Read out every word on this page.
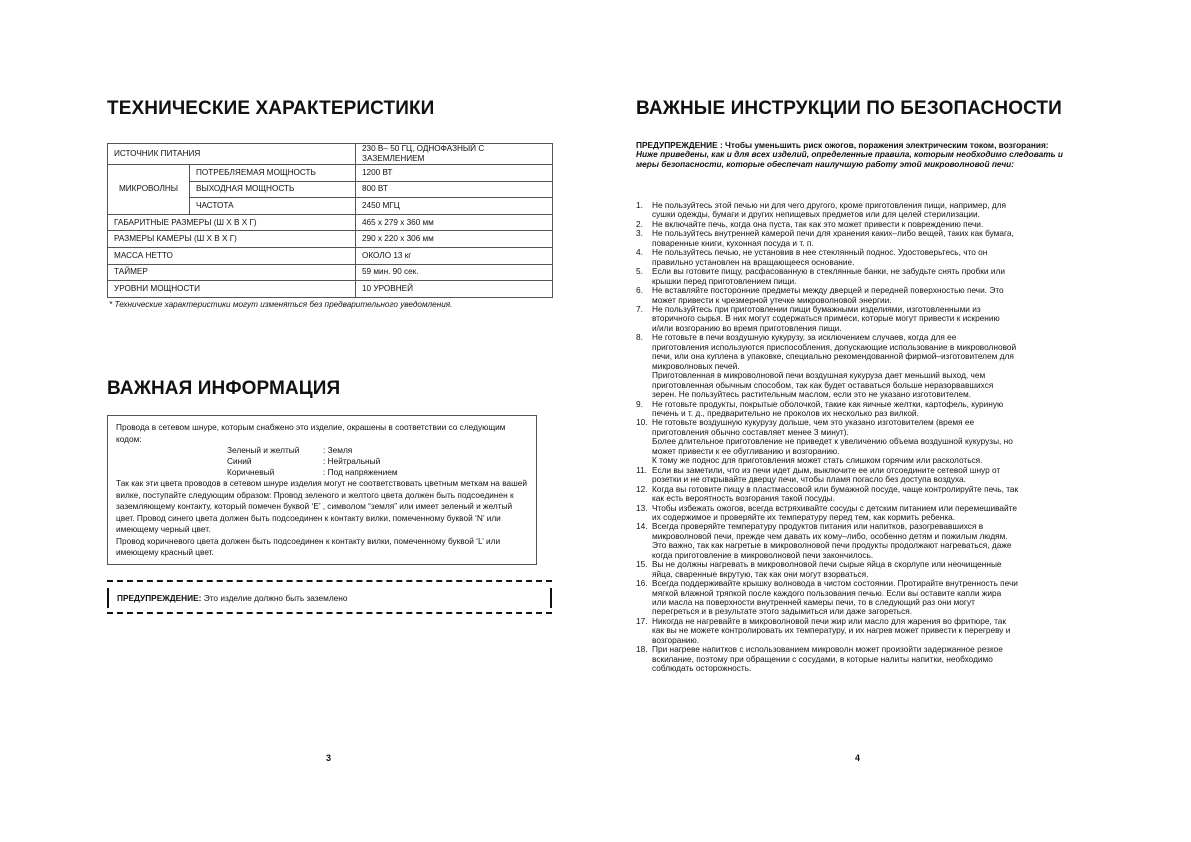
ТЕХНИЧЕСКИЕ ХАРАКТЕРИСТИКИ
ИСТОЧНИК ПИТАНИЯ		230 В– 50 ГЦ, ОДНОФАЗНЫЙ С ЗАЗЕМЛЕНИЕМ
МИКРОВОЛНЫ	ПОТРЕБЛЯЕМАЯ МОЩНОСТЬ	1200 ВТ
	ВЫХОДНАЯ МОЩНОСТЬ	800 ВТ
	ЧАСТОТА	2450 МГЦ
ГАБАРИТНЫЕ РАЗМЕРЫ (Ш X В X Г)		465 x 279 x 360 мм
РАЗМЕРЫ КАМЕРЫ (Ш X В X Г)		290 x 220 x 306 мм
МАССА НЕТТО		ОКОЛО 13 кг
ТАЙМЕР		59 мин. 90 сек.
УРОВНИ МОЩНОСТИ		10 УРОВНЕЙ
* Технические характеристики могут изменяться без предварительного уведомления.
ВАЖНАЯ ИНФОРМАЦИЯ

Провода в сетевом шнуре, которым снабжено это изделие, окрашены в соответствии со следующим кодом:

Зеленый и желтый	: Земля
Синий	: Нейтральный
Коричневый	: Под напряжением

Так как эти цвета проводов в сетевом шнуре изделия могут не соответствовать цветным меткам на вашей вилке, поступайте следующим образом: Провод зеленого и желтого цвета должен быть подсоединен к заземляющему контакту, который помечен буквой ‘E’ , символом “земля” или имеет зеленый и желтый цвет. Провод синего цвета должен быть подсоединен к контакту вилки, помеченному буквой ‘N’ или имеющему черный цвет.

Провод коричневого цвета должен быть подсоединен к контакту вилки, помеченному буквой ‘L’ или имеющему красный цвет.

ПРЕДУПРЕЖДЕНИЕ: Это изделие должно быть заземлено
3
ВАЖНЫЕ ИНСТРУКЦИИ ПО БЕЗОПАСНОСТИ

ПРЕДУПРЕЖДЕНИЕ : Чтобы уменьшить риск ожогов, поражения электрическим током, возгорания:

Ниже приведены, как и для всех изделий, определенные правила, которым необходимо следовать и меры безопасности, которые обеспечат наилучшую работу этой микроволновой печи:

1.	Не пользуйтесь этой печью ни для чего другого, кроме приготовления пищи, например, для
сушки одежды, бумаги и других непищевых предметов или для целей стерилизации.
2.	Не включайте печь, когда она пуста, так как это может привести к повреждению печи.
3.	Не пользуйтесь внутренней камерой печи для хранения каких–либо вещей, таких как бумага,
поваренные книги, кухонная посуда и т. п.
4.	Не пользуйтесь печью, не установив в нее стеклянный поднос. Удостоверьтесь, что он
правильно установлен на вращающееся основание.
5.	Если вы готовите пищу, расфасованную в стеклянные банки, не забудьте снять пробки или
крышки перед приготовлением пищи.
6.	Не вставляйте посторонние предметы между дверцей и передней поверхностью печи. Это
может привести к чрезмерной утечке микроволновой энергии.
7.	Не пользуйтесь при приготовлении пищи бумажными изделиями, изготовленными из
вторичного сырья. В них могут содержаться примеси, которые могут привести к искрению
и/или возгоранию во время приготовления пищи.
8.	Не готовьте в печи воздушную кукурузу, за исключением случаев, когда для ее
приготовления используются приспособления, допускающие использование в микроволновой
печи, или она куплена в упаковке, специально рекомендованной фирмой–изготовителем для
микроволновых печей.
Приготовленная в микроволновой печи воздушная кукуруза дает меньший выход, чем
приготовленная обычным способом, так как будет оставаться больше неразорвавшихся
зерен. Не пользуйтесь растительным маслом, если это не указано изготовителем.
9.	Не готовьте продукты, покрытые оболочкой, такие как яичные желтки, картофель, куриную
печень и т. д., предварительно не проколов их несколько раз вилкой.
10. Не готовьте воздушную кукурузу дольше, чем это указано изготовителем (время ее
приготовления обычно составляет менее 3 минут).
Более длительное приготовление не приведет к увеличению объема воздушной кукурузы, но
может привести к ее обугливанию и возгоранию.
К тому же поднос для приготовления может стать слишком горячим или расколоться.
11. Если вы заметили, что из печи идет дым, выключите ее или отсоедините сетевой шнур от
розетки и не открывайте дверцу печи, чтобы пламя погасло без доступа воздуха.
12. Когда вы готовите пищу в пластмассовой или бумажной посуде, чаще контролируйте печь, так
как есть вероятность возгорания такой посуды.
13. Чтобы избежать ожогов, всегда встряхивайте сосуды с детским питанием или перемешивайте
их содержимое и проверяйте их температуру перед тем, как кормить ребенка.
14. Всегда проверяйте температуру продуктов питания или напитков, разогревавшихся в
микроволновой печи, прежде чем давать их кому–либо, особенно детям и пожилым людям.
Это важно, так как нагретые в микроволновой печи продукты продолжают нагреваться, даже
когда приготовление в микроволновой печи закончилось.
15. Вы не должны нагревать в микроволновой печи сырые яйца в скорлупе или неочищенные
яйца, сваренные вкрутую, так как они могут взорваться.
16. Всегда поддерживайте крышку волновода в чистом состоянии. Протирайте внутренность печи
мягкой влажной тряпкой после каждого пользования печью. Если вы оставите капли жира
или масла на поверхности внутренней камеры печи, то в следующий раз они могут
перегреться и в результате этого задымиться или даже загореться.
17. Никогда не нагревайте в микроволновой печи жир или масло для жарения во фритюре, так
как вы не можете контролировать их температуру, и их нагрев может привести к перегреву и
возгоранию.
18. При нагреве напитков с использованием микроволн может произойти задержанное резкое
вскипание, поэтому при обращении с сосудами, в которые налиты напитки, необходимо
соблюдать осторожность.
4
